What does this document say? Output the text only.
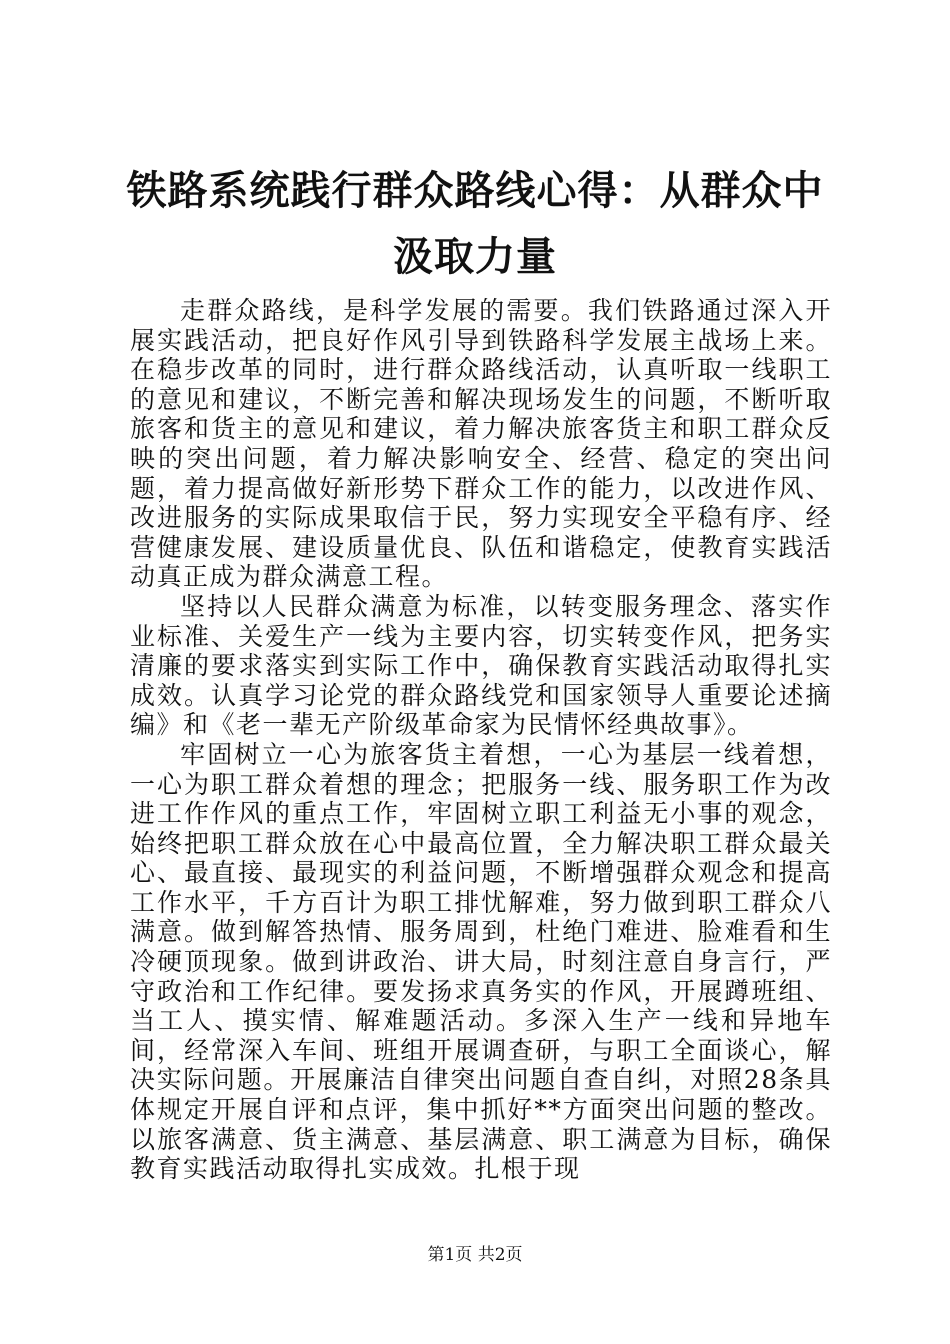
铁路系统践行群众路线心得：从群众中汲取力量

走群众路线，是科学发展的需要。我们铁路通过深入开展实践活动，把良好作风引导到铁路科学发展主战场上来。在稳步改革的同时，进行群众路线活动，认真听取一线职工的意见和建议，不断完善和解决现场发生的问题，不断听取旅客和货主的意见和建议，着力解决旅客货主和职工群众反映的突出问题，着力解决影响安全、经营、稳定的突出问题，着力提高做好新形势下群众工作的能力，以改进作风、改进服务的实际成果取信于民，努力实现安全平稳有序、经营健康发展、建设质量优良、队伍和谐稳定，使教育实践活动真正成为群众满意工程。

坚持以人民群众满意为标准，以转变服务理念、落实作业标准、关爱生产一线为主要内容，切实转变作风，把务实清廉的要求落实到实际工作中，确保教育实践活动取得扎实成效。认真学习论党的群众路线党和国家领导人重要论述摘编》和《老一辈无产阶级革命家为民情怀经典故事》。

牢固树立一心为旅客货主着想，一心为基层一线着想，一心为职工群众着想的理念；把服务一线、服务职工作为改进工作作风的重点工作，牢固树立职工利益无小事的观念，始终把职工群众放在心中最高位置，全力解决职工群众最关心、最直接、最现实的利益问题，不断增强群众观念和提高工作水平，千方百计为职工排忧解难，努力做到职工群众八满意。做到解答热情、服务周到，杜绝门难进、脸难看和生冷硬顶现象。做到讲政治、讲大局，时刻注意自身言行，严守政治和工作纪律。要发扬求真务实的作风，开展蹲班组、当工人、摸实情、解难题活动。多深入生产一线和异地车间，经常深入车间、班组开展调查研，与职工全面谈心，解决实际问题。开展廉洁自律突出问题自查自纠，对照28条具体规定开展自评和点评，集中抓好**方面突出问题的整改。以旅客满意、货主满意、基层满意、职工满意为目标，确保教育实践活动取得扎实成效。扎根于现

第1页 共2页
